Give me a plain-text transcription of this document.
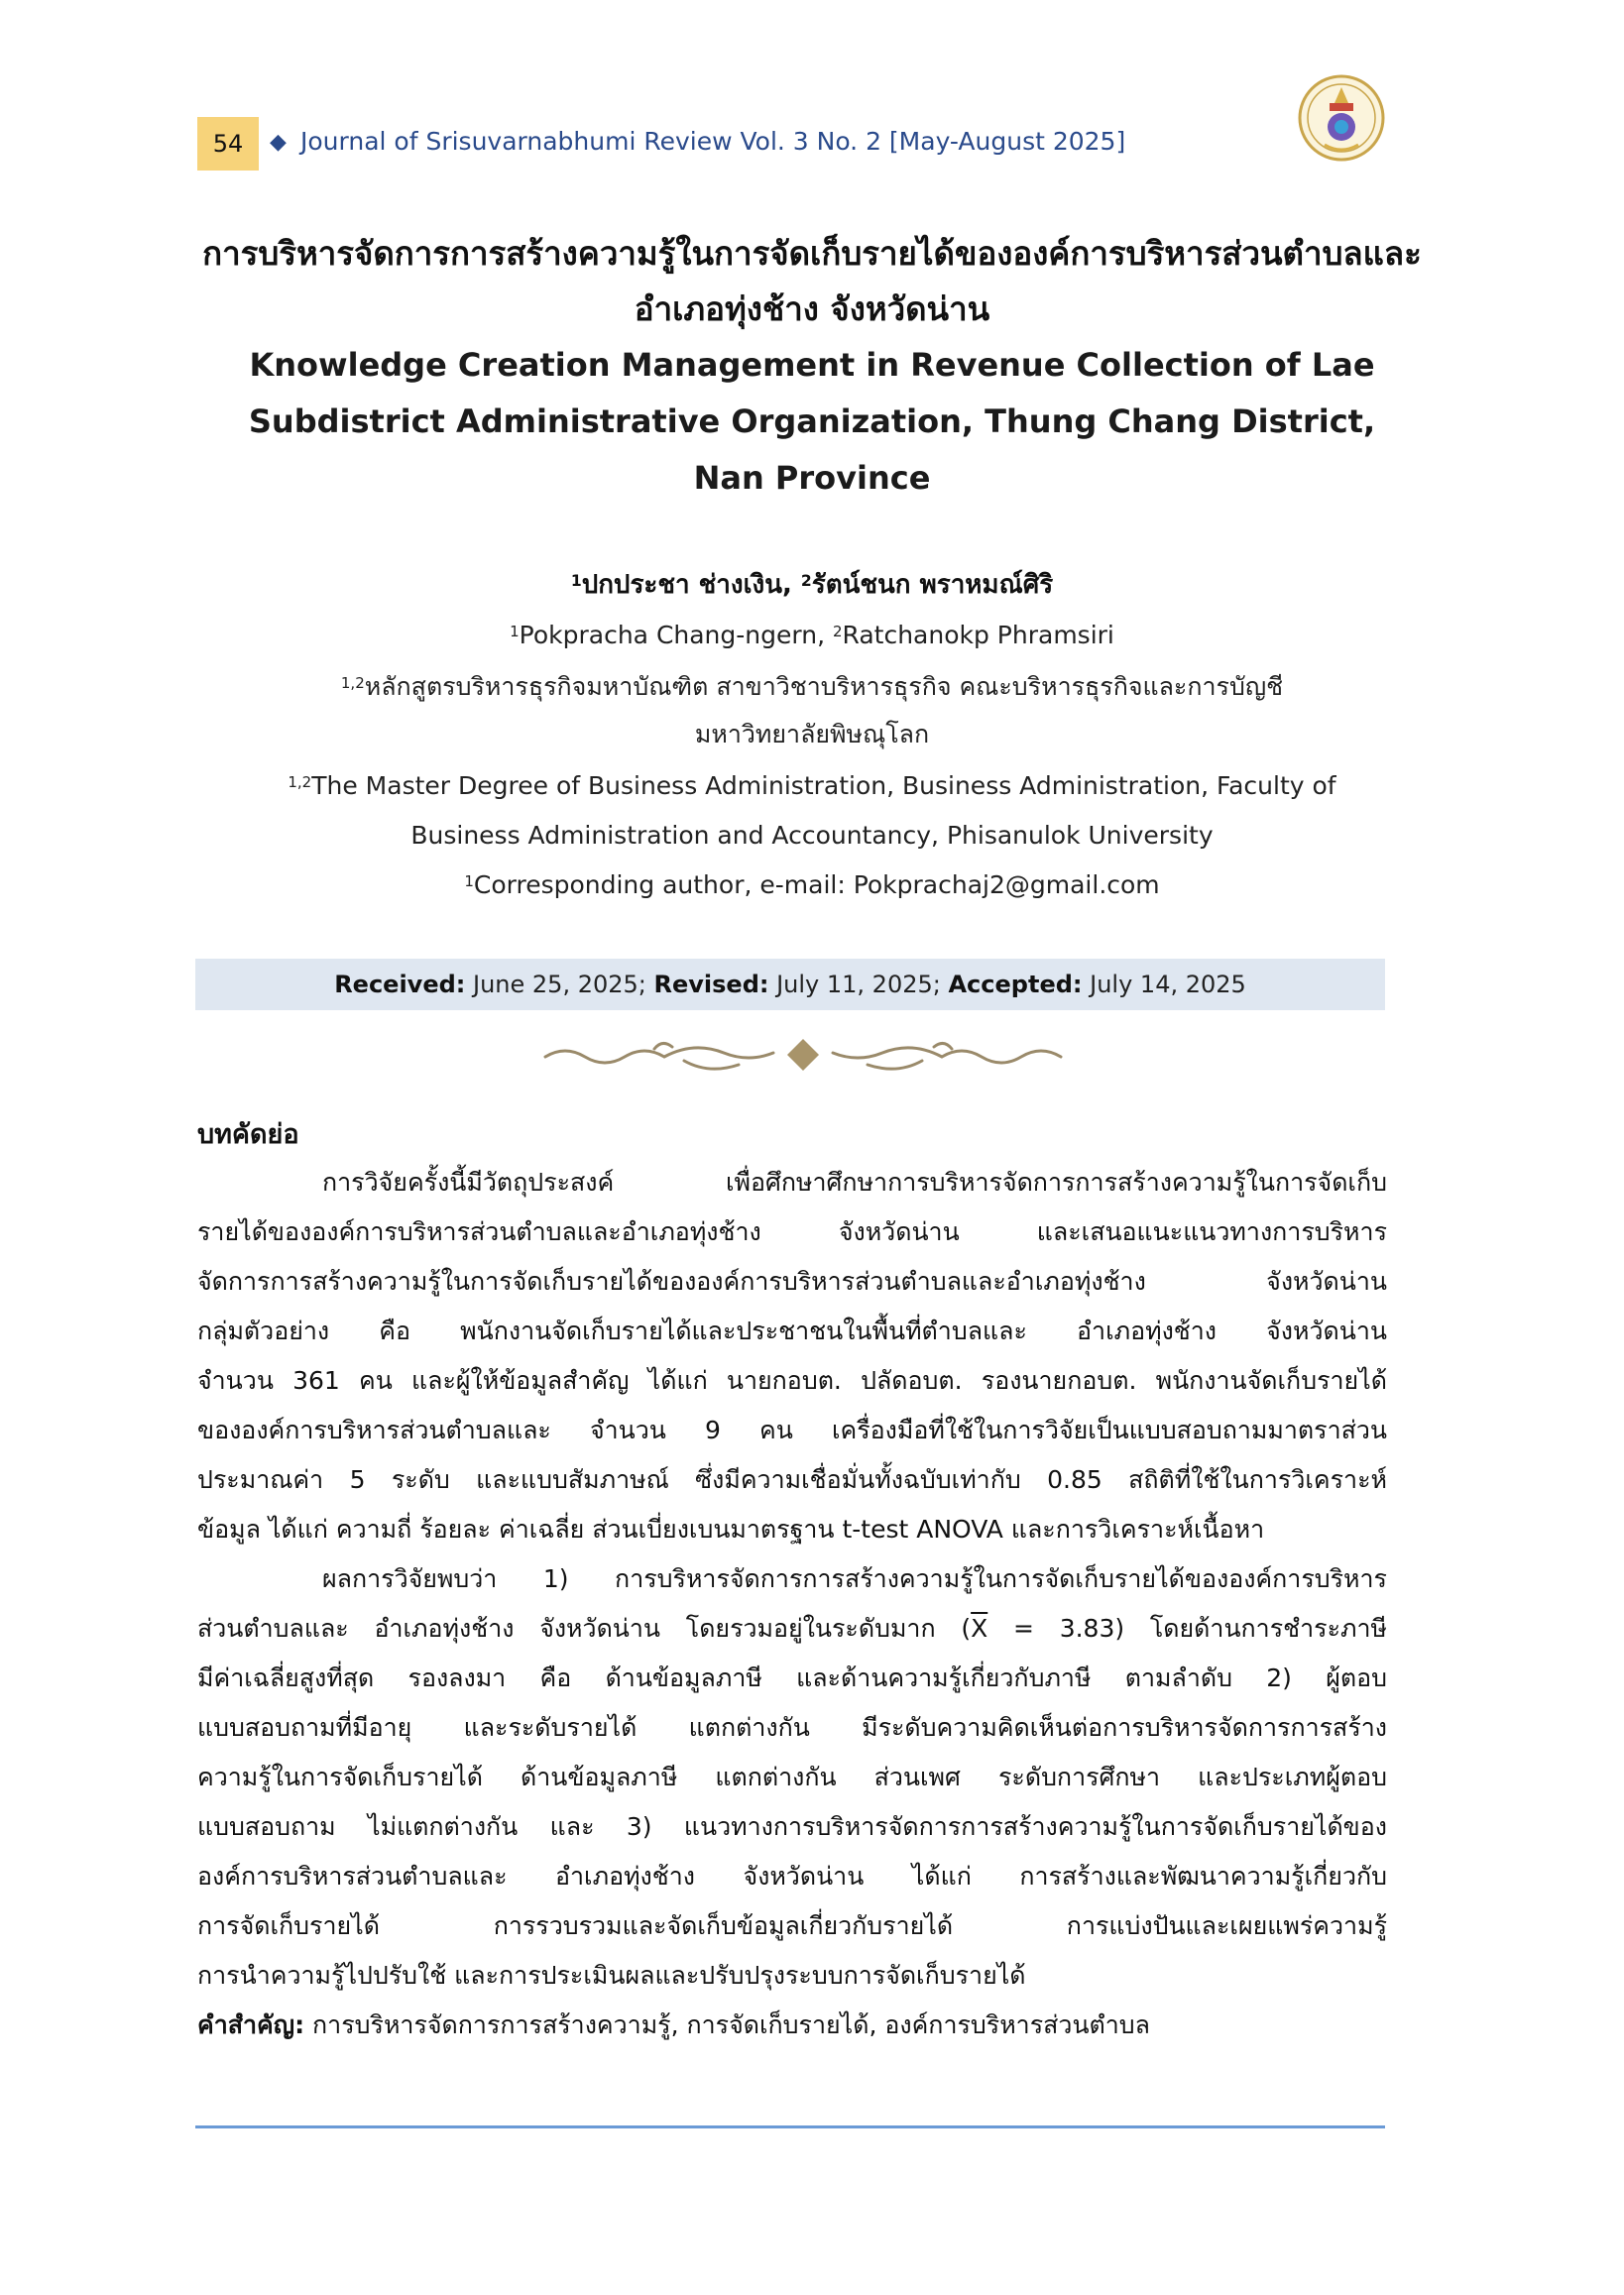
54	◆ Journal of Srisuvarnabhumi Review Vol. 3 No. 2 [May-August 2025]
การบริหารจัดการการสร้างความรู้ในการจัดเก็บรายได้ขององค์การบริหารส่วนตำบลและ
อำเภอทุ่งช้าง จังหวัดน่าน
Knowledge Creation Management in Revenue Collection of Lae
Subdistrict Administrative Organization, Thung Chang District,
Nan Province
$^1$ปกประชา ช่างเงิน, $^2$รัตน์ชนก พราหมณ์ศิริ
$^1$Pokpracha Chang-ngern, $^2$Ratchanokp Phramsiri
$^{1,2}$หลักสูตรบริหารธุรกิจมหาบัณฑิต สาขาวิชาบริหารธุรกิจ คณะบริหารธุรกิจและการบัญชี
มหาวิทยาลัยพิษณุโลก
$^{1,2}$The Master Degree of Business Administration, Business Administration, Faculty of
Business Administration and Accountancy, Phisanulok University
$^1$Corresponding author, e-mail: Pokprachaj2@gmail.com
Received: June 25, 2025; Revised: July 11, 2025; Accepted: July 14, 2025
บทคัดย่อ
การวิจัยครั้งนี้มีวัตถุประสงค์ เพื่อศึกษาศึกษาการบริหารจัดการการสร้างความรู้ในการจัดเก็บ
รายได้ขององค์การบริหารส่วนตำบลและอำเภอทุ่งช้าง จังหวัดน่าน และเสนอแนะแนวทางการบริหาร
จัดการการสร้างความรู้ในการจัดเก็บรายได้ขององค์การบริหารส่วนตำบลและอำเภอทุ่งช้าง จังหวัดน่าน
กลุ่มตัวอย่าง คือ พนักงานจัดเก็บรายได้และประชาชนในพื้นที่ตำบลและ อำเภอทุ่งช้าง จังหวัดน่าน
จำนวน 361 คน และผู้ให้ข้อมูลสำคัญ ได้แก่ นายกอบต. ปลัดอบต. รองนายกอบต. พนักงานจัดเก็บรายได้
ขององค์การบริหารส่วนตำบลและ จำนวน 9 คน เครื่องมือที่ใช้ในการวิจัยเป็นแบบสอบถามมาตราส่วน
ประมาณค่า 5 ระดับ และแบบสัมภาษณ์ ซึ่งมีความเชื่อมั่นทั้งฉบับเท่ากับ 0.85 สถิติที่ใช้ในการวิเคราะห์
ข้อมูล ได้แก่ ความถี่ ร้อยละ ค่าเฉลี่ย ส่วนเบี่ยงเบนมาตรฐาน t-test ANOVA และการวิเคราะห์เนื้อหา
ผลการวิจัยพบว่า 1) การบริหารจัดการการสร้างความรู้ในการจัดเก็บรายได้ขององค์การบริหาร
ส่วนตำบลและ อำเภอทุ่งช้าง จังหวัดน่าน โดยรวมอยู่ในระดับมาก $(\overline{X} = 3.83)$ โดยด้านการชำระภาษี
มีค่าเฉลี่ยสูงที่สุด รองลงมา คือ ด้านข้อมูลภาษี และด้านความรู้เกี่ยวกับภาษี ตามลำดับ 2) ผู้ตอบ
แบบสอบถามที่มีอายุ และระดับรายได้ แตกต่างกัน มีระดับความคิดเห็นต่อการบริหารจัดการการสร้าง
ความรู้ในการจัดเก็บรายได้ ด้านข้อมูลภาษี แตกต่างกัน ส่วนเพศ ระดับการศึกษา และประเภทผู้ตอบ
แบบสอบถาม ไม่แตกต่างกัน และ 3) แนวทางการบริหารจัดการการสร้างความรู้ในการจัดเก็บรายได้ของ
องค์การบริหารส่วนตำบลและ อำเภอทุ่งช้าง จังหวัดน่าน ได้แก่ การสร้างและพัฒนาความรู้เกี่ยวกับ
การจัดเก็บรายได้ การรวบรวมและจัดเก็บข้อมูลเกี่ยวกับรายได้ การแบ่งปันและเผยแพร่ความรู้
การนำความรู้ไปปรับใช้ และการประเมินผลและปรับปรุงระบบการจัดเก็บรายได้
คำสำคัญ: การบริหารจัดการการสร้างความรู้, การจัดเก็บรายได้, องค์การบริหารส่วนตำบล
